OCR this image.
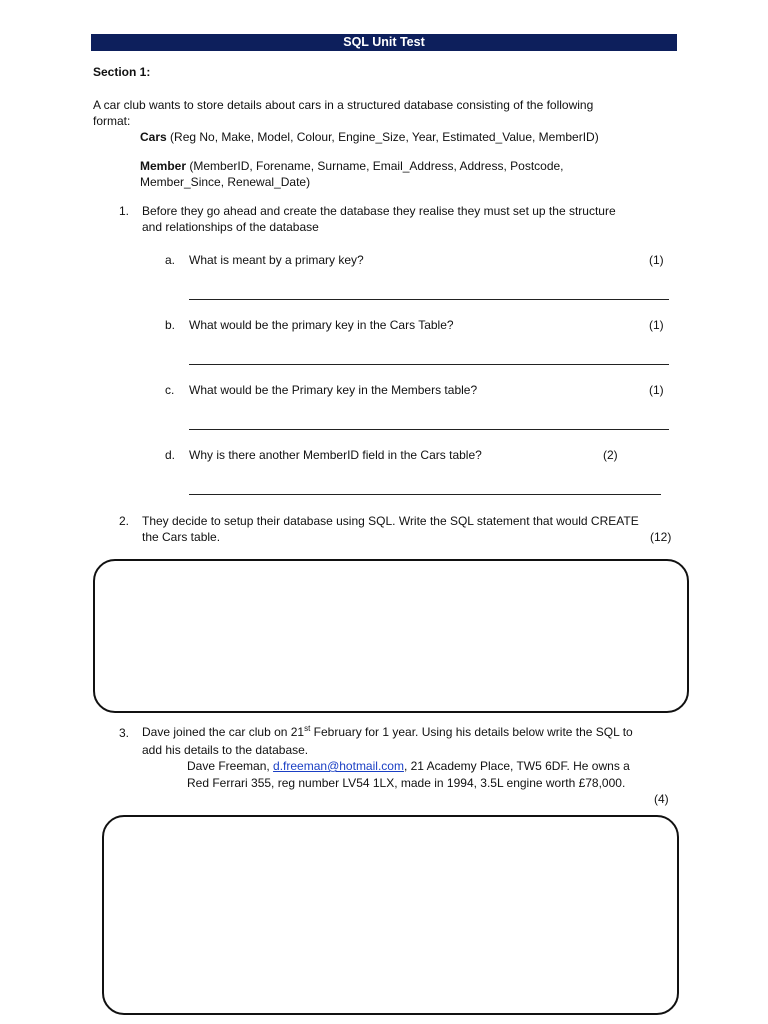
SQL Unit Test
Section 1:
A car club wants to store details about cars in a structured database consisting of the following
format:
Cars (Reg No, Make, Model, Colour, Engine_Size, Year, Estimated_Value, MemberID)
Member (MemberID, Forename, Surname, Email_Address, Address, Postcode,
Member_Since, Renewal_Date)
1. Before they go ahead and create the database they realise they must set up the structure
and relationships of the database
a. What is meant by a primary key?	(1)
b. What would be the primary key in the Cars Table?	(1)
c. What would be the Primary key in the Members table?	(1)
d. Why is there another MemberID field in the Cars table?	(2)
2. They decide to setup their database using SQL. Write the SQL statement that would CREATE
the Cars table.	(12)
3. Dave joined the car club on 21st February for 1 year. Using his details below write the SQL to
add his details to the database.
Dave Freeman, d.freeman@hotmail.com, 21 Academy Place, TW5 6DF. He owns a
Red Ferrari 355, reg number LV54 1LX, made in 1994, 3.5L engine worth £78,000.
(4)
